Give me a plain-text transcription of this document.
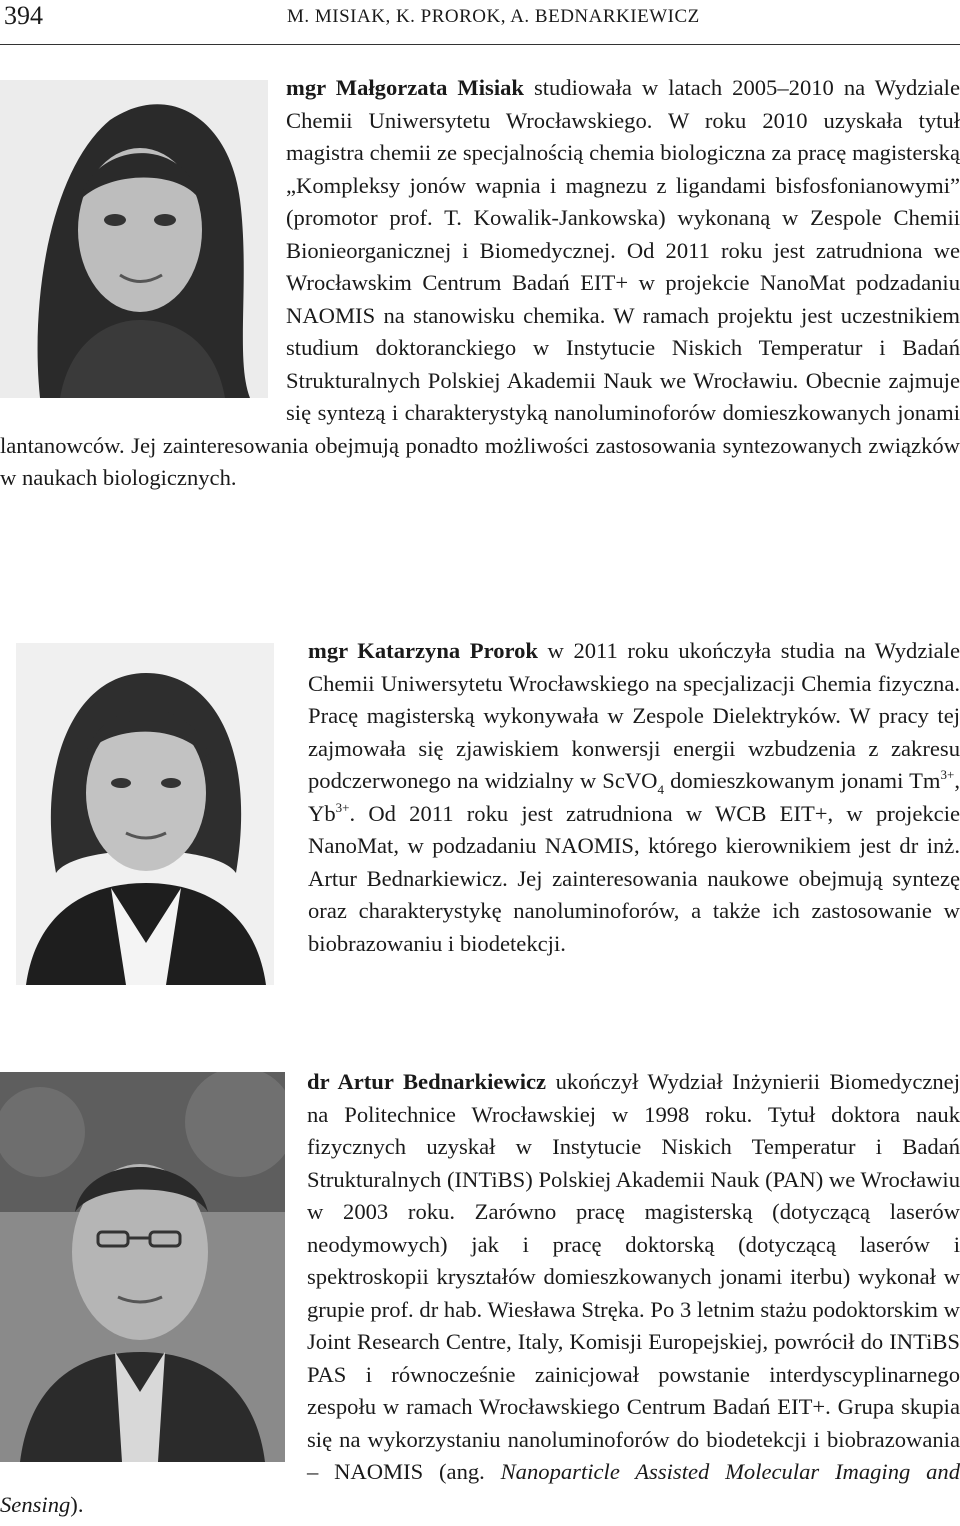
394	M. MISIAK, K. PROROK, A. BEDNARKIEWICZ

mgr Małgorzata Misiak studiowała w latach 2005–2010 na Wydziale Chemii Uniwersytetu Wrocławskiego. W roku 2010 uzyskała tytuł magistra chemii ze specjalnością chemia biologiczna za pracę magisterską „Kompleksy jonów wapnia i magnezu z ligandami bisfosfonianowymi” (promotor prof. T. Kowalik-Jankowska) wykonaną w Zespole Chemii Bionieorganicznej i Biomedycznej. Od 2011 roku jest zatrudniona we Wrocławskim Centrum Badań EIT+ w projekcie NanoMat podzadaniu NAOMIS na stanowisku chemika. W ramach projektu jest uczestnikiem studium doktoranckiego w Instytucie Niskich Temperatur i Badań Strukturalnych Polskiej Akademii Nauk we Wrocławiu. Obecnie zajmuje się syntezą i charakterystyką nanoluminoforów domieszkowanych jonami lantanowców. Jej zainteresowania obejmują ponadto możliwości zastosowania syntezowanych związków w naukach biologicznych.

mgr Katarzyna Prorok w 2011 roku ukończyła studia na Wydziale Chemii Uniwersytetu Wrocławskiego na specjalizacji Chemia fizyczna. Pracę magisterską wykonywała w Zespole Dielektryków. W pracy tej zajmowała się zjawiskiem konwersji energii wzbudzenia z zakresu podczerwonego na widzialny w ScVO$_4$ domieszkowanym jonami $Tm^{3+}$, $Yb^{3+}$. Od 2011 roku jest zatrudniona w WCB EIT+, w projekcie NanoMat, w podzadaniu NAOMIS, którego kierownikiem jest dr inż. Artur Bednarkiewicz. Jej zainteresowania naukowe obejmują syntezę oraz charakterystykę nanoluminoforów, a także ich zastosowanie w biobrazowaniu i biodetekcji.

dr Artur Bednarkiewicz ukończył Wydział Inżynierii Biomedycznej na Politechnice Wrocławskiej w 1998 roku. Tytuł doktora nauk fizycznych uzyskał w Instytucie Niskich Temperatur i Badań Strukturalnych (INTiBS) Polskiej Akademii Nauk (PAN) we Wrocławiu w 2003 roku. Zarówno pracę magisterską (dotyczącą laserów neodymowych) jak i pracę doktorską (dotyczącą laserów i spektroskopii kryształów domieszkowanych jonami iterbu) wykonał w grupie prof. dr hab. Wiesława Stręka. Po 3 letnim stażu podoktorskim w Joint Research Centre, Italy, Komisji Europejskiej, powrócił do INTiBS PAS i równocześnie zainicjował powstanie interdyscyplinarnego zespołu w ramach Wrocławskiego Centrum Badań EIT+. Grupa skupia się na wykorzystaniu nanoluminoforów do biodetekcji i biobrazowania – NAOMIS (ang. Nanoparticle Assisted Molecular Imaging and Sensing).
